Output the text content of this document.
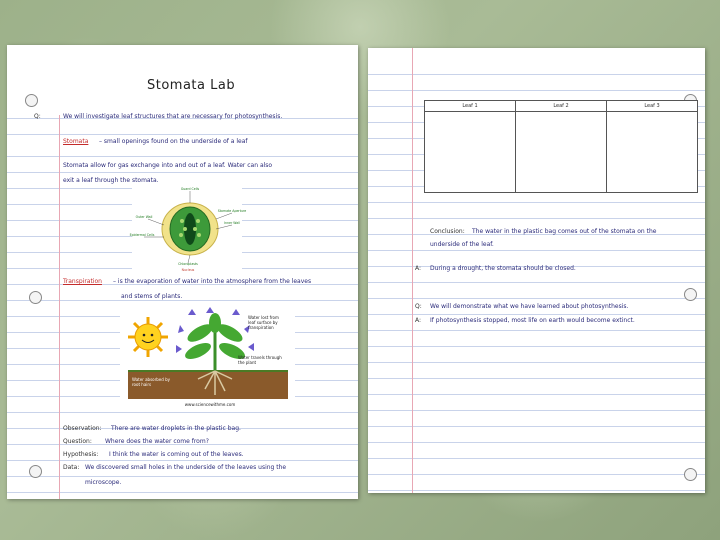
Stomata Lab
Q:	We will investigate leaf structures that are necessary for photosynthesis.
Stomata – small openings found on the underside of a leaf
Stomata allow for gas exchange into and out of a leaf. Water can also
exit a leaf through the stomata.
Guard Cells
Stomate Aperture
Inner Wall
Outer Wall
Epidermal Cells
Chloroplasts
Nucleus
Transpiration – is the evaporation of water into the atmosphere from the leaves
and stems of plants.
Water lost from
leaf surface by
transpiration
Water travels through
the plant
Water absorbed by
root hairs
www.sciencewithme.com
Observation: There are water droplets in the plastic bag.
Question: Where does the water come from?
Hypothesis: I think the water is coming out of the leaves.
Data: We discovered small holes in the underside of the leaves using the
microscope.
Leaf 1	Leaf 2	Leaf 3

Conclusion: The water in the plastic bag comes out of the stomata on the
underside of the leaf.
A: During a drought, the stomata should be closed.
Q: We will demonstrate what we have learned about photosynthesis.
A: If photosynthesis stopped, most life on earth would become extinct.
